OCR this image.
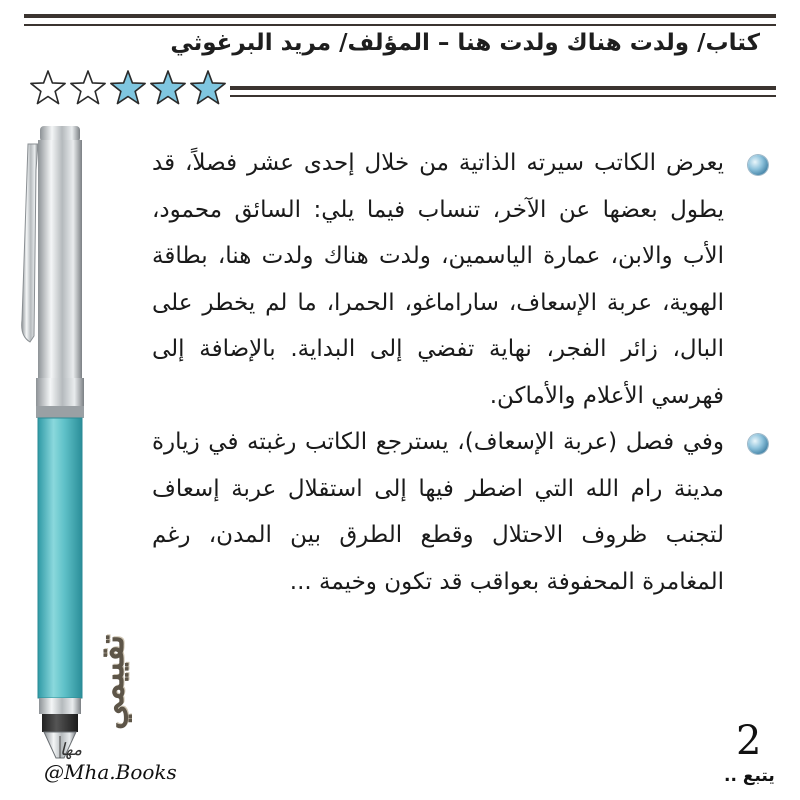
كتاب/ ولدت هناك ولدت هنا – المؤلف/ مريد البرغوثي

يعرض الكاتب سيرته الذاتية من خلال إحدى عشر فصلاً، قد يطول بعضها عن الآخر، تنساب فيما يلي: السائق محمود، الأب والابن، عمارة الياسمين، ولدت هناك ولدت هنا، بطاقة الهوية، عربة الإسعاف، ساراماغو، الحمرا، ما لم يخطر على البال، زائر الفجر، نهاية تفضي إلى البداية. بالإضافة إلى فهرسي الأعلام والأماكن.

وفي فصل (عربة الإسعاف)، يسترجع الكاتب رغبته في زيارة مدينة رام الله التي اضطر فيها إلى استقلال عربة إسعاف لتجنب ظروف الاحتلال وقطع الطرق بين المدن، رغم المغامرة المحفوفة بعواقب قد تكون وخيمة ...

تقييمي
مها
@Mha.Books
2
يتبع ..
